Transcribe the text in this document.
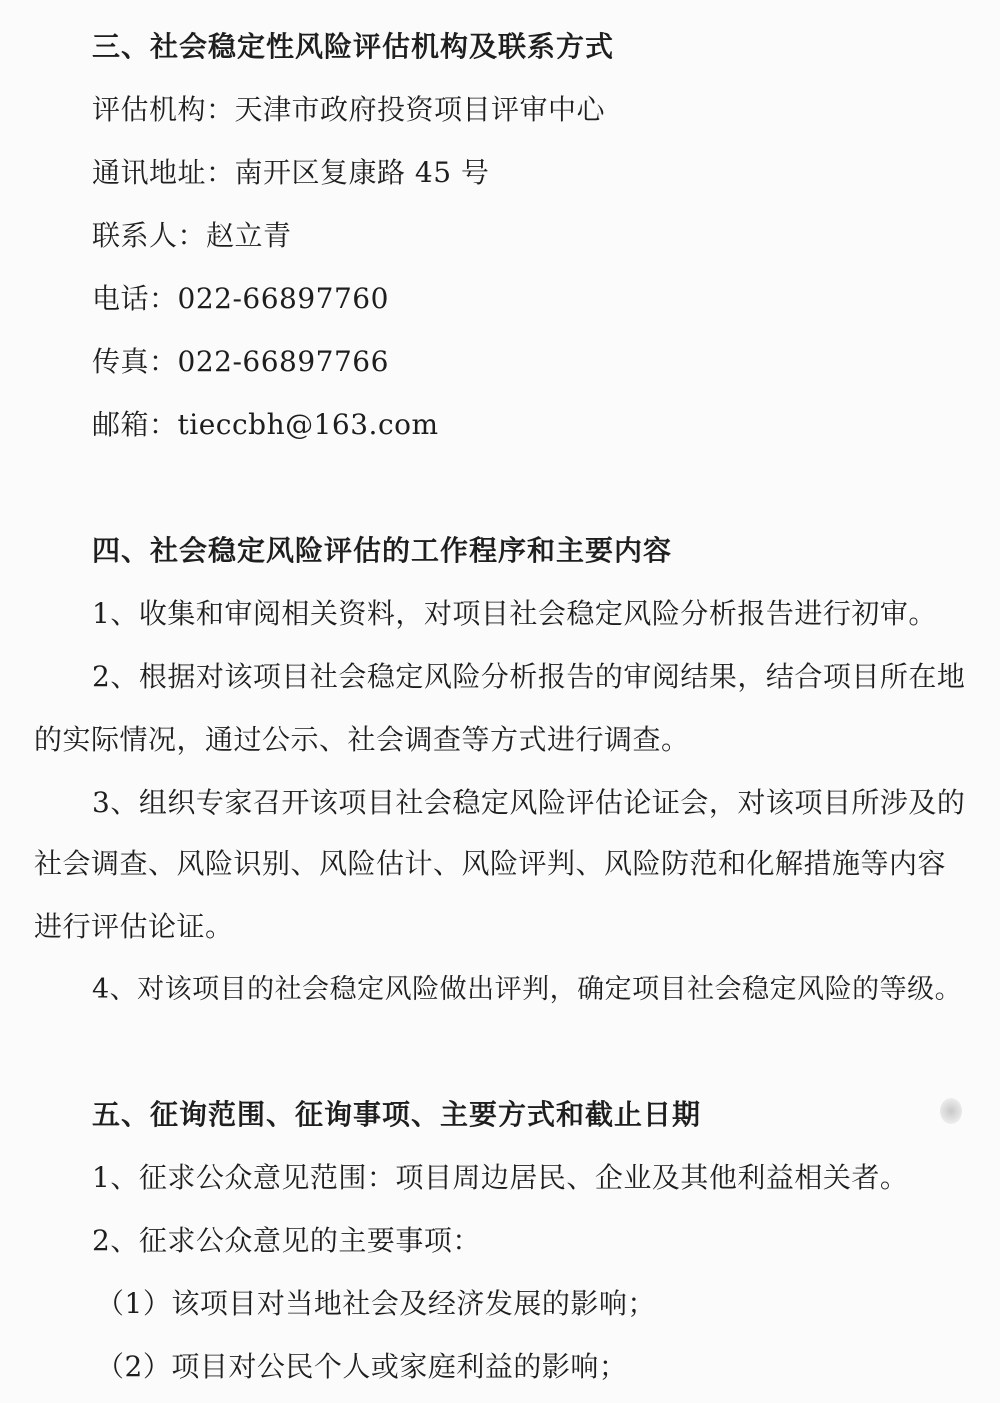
三、社会稳定性风险评估机构及联系方式
评估机构：天津市政府投资项目评审中心
通讯地址：南开区复康路 45 号
联系人：赵立青
电话：022-66897760
传真：022-66897766
邮箱：tieccbh@163.com
四、社会稳定风险评估的工作程序和主要内容
1、收集和审阅相关资料，对项目社会稳定风险分析报告进行初审。
2、根据对该项目社会稳定风险分析报告的审阅结果，结合项目所在地
的实际情况，通过公示、社会调查等方式进行调查。
3、组织专家召开该项目社会稳定风险评估论证会，对该项目所涉及的
社会调查、风险识别、风险估计、风险评判、风险防范和化解措施等内容
进行评估论证。
4、对该项目的社会稳定风险做出评判，确定项目社会稳定风险的等级。
五、征询范围、征询事项、主要方式和截止日期
1、征求公众意见范围：项目周边居民、企业及其他利益相关者。
2、征求公众意见的主要事项：
（1）该项目对当地社会及经济发展的影响；
（2）项目对公民个人或家庭利益的影响；
